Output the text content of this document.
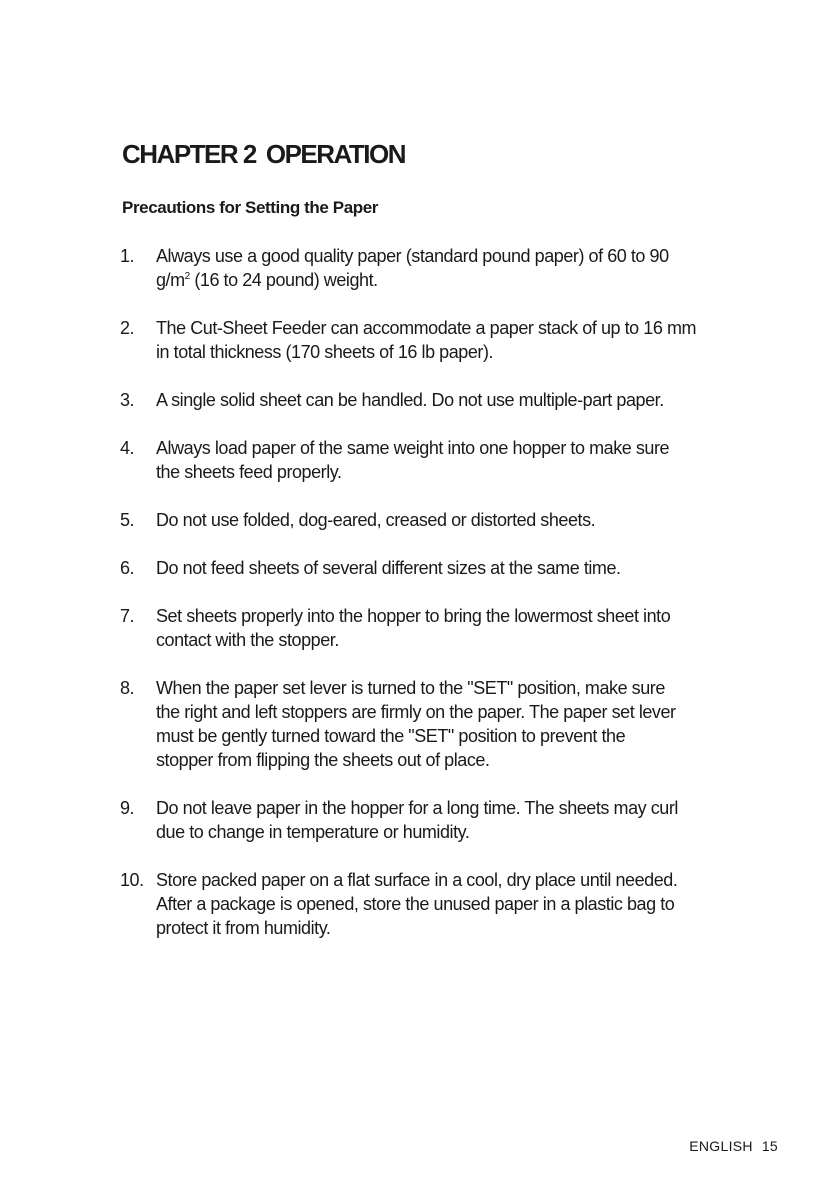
CHAPTER 2 OPERATION
Precautions for Setting the Paper
1.	Always use a good quality paper (standard pound paper) of 60 to 90
$g/m^2$ (16 to 24 pound) weight.
2.	The Cut-Sheet Feeder can accommodate a paper stack of up to 16 mm
in total thickness (170 sheets of 16 lb paper).
3.	A single solid sheet can be handled. Do not use multiple-part paper.
4.	Always load paper of the same weight into one hopper to make sure
the sheets feed properly.
5.	Do not use folded, dog-eared, creased or distorted sheets.
6.	Do not feed sheets of several different sizes at the same time.
7.	Set sheets properly into the hopper to bring the lowermost sheet into
contact with the stopper.
8.	When the paper set lever is turned to the "SET" position, make sure
the right and left stoppers are firmly on the paper. The paper set lever
must be gently turned toward the "SET" position to prevent the
stopper from flipping the sheets out of place.
9.	Do not leave paper in the hopper for a long time. The sheets may curl
due to change in temperature or humidity.
10. Store packed paper on a flat surface in a cool, dry place until needed.
After a package is opened, store the unused paper in a plastic bag to
protect it from humidity.
ENGLISH 15
